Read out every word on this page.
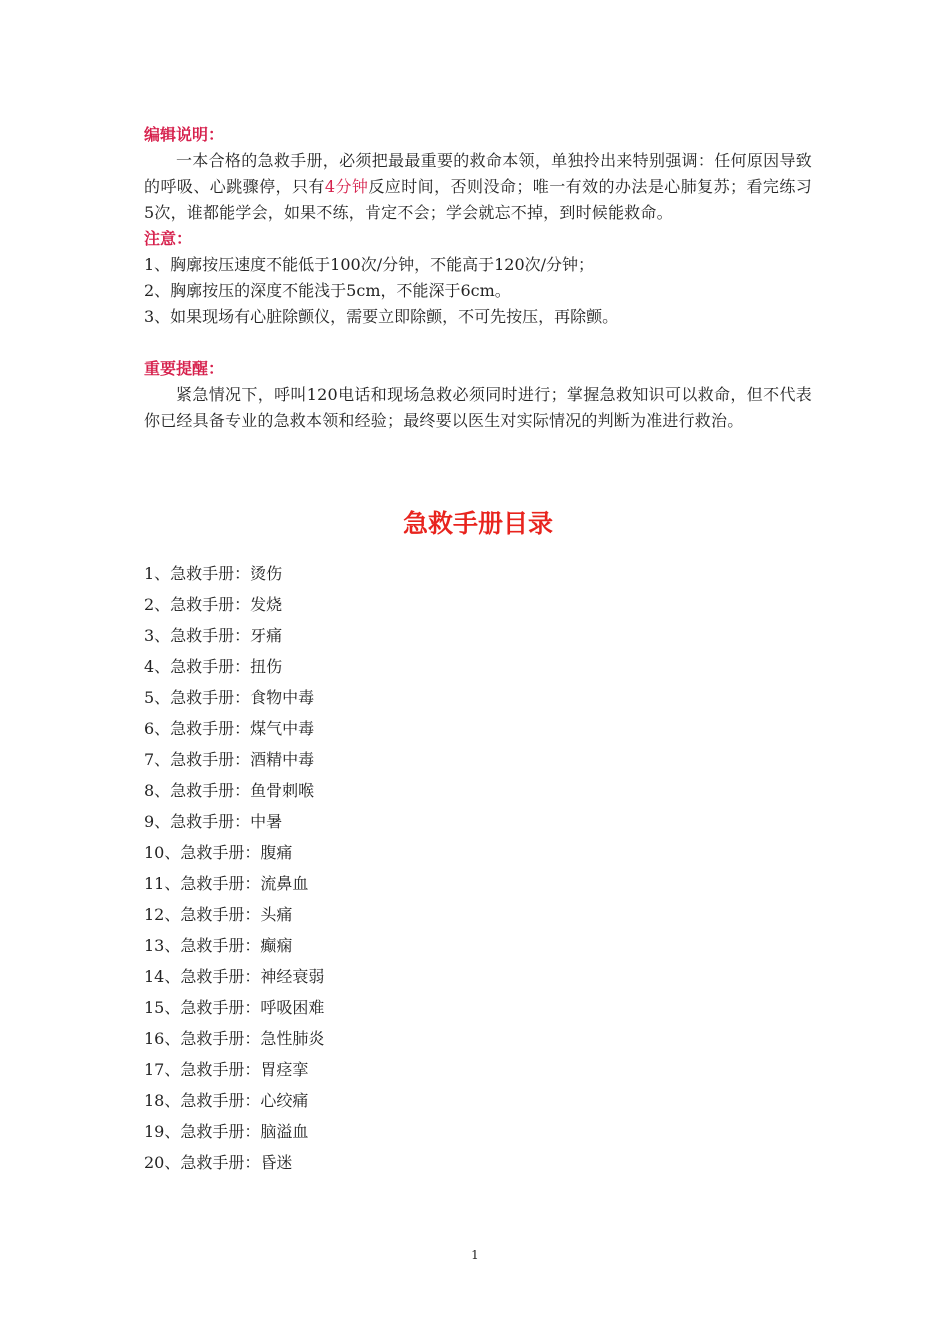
编辑说明：

一本合格的急救手册，必须把最最重要的救命本领，单独拎出来特别强调：任何原因导致的呼吸、心跳骤停，只有4分钟反应时间，否则没命；唯一有效的办法是心肺复苏；看完练习5次，谁都能学会，如果不练，肯定不会；学会就忘不掉，到时候能救命。

注意：

1、胸廓按压速度不能低于100次/分钟，不能高于120次/分钟；
2、胸廓按压的深度不能浅于5cm，不能深于6cm。
3、如果现场有心脏除颤仪，需要立即除颤，不可先按压，再除颤。

重要提醒：

紧急情况下，呼叫120电话和现场急救必须同时进行；掌握急救知识可以救命，但不代表你已经具备专业的急救本领和经验；最终要以医生对实际情况的判断为准进行救治。

急救手册目录
1、急救手册：烫伤
2、急救手册：发烧
3、急救手册：牙痛
4、急救手册：扭伤
5、急救手册：食物中毒
6、急救手册：煤气中毒
7、急救手册：酒精中毒
8、急救手册：鱼骨刺喉
9、急救手册：中暑
10、急救手册：腹痛
11、急救手册：流鼻血
12、急救手册：头痛
13、急救手册：癫痫
14、急救手册：神经衰弱
15、急救手册：呼吸困难
16、急救手册：急性肺炎
17、急救手册：胃痉挛
18、急救手册：心绞痛
19、急救手册：脑溢血
20、急救手册：昏迷
1
